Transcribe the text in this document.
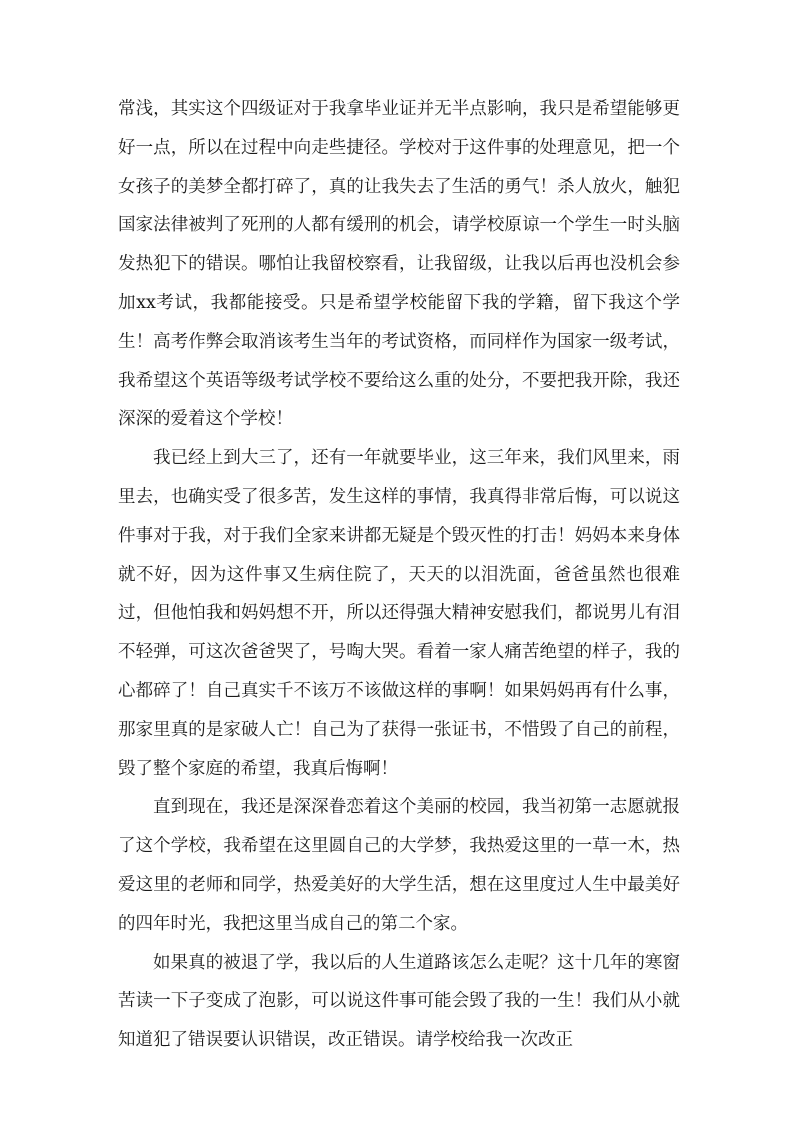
常浅，其实这个四级证对于我拿毕业证并无半点影响，我只是希望能够更好一点，所以在过程中向走些捷径。学校对于这件事的处理意见，把一个女孩子的美梦全都打碎了，真的让我失去了生活的勇气！杀人放火，触犯国家法律被判了死刑的人都有缓刑的机会，请学校原谅一个学生一时头脑发热犯下的错误。哪怕让我留校察看，让我留级，让我以后再也没机会参加xx考试，我都能接受。只是希望学校能留下我的学籍，留下我这个学生！高考作弊会取消该考生当年的考试资格，而同样作为国家一级考试，我希望这个英语等级考试学校不要给这么重的处分，不要把我开除，我还深深的爱着这个学校！

我已经上到大三了，还有一年就要毕业，这三年来，我们风里来，雨里去，也确实受了很多苦，发生这样的事情，我真得非常后悔，可以说这件事对于我，对于我们全家来讲都无疑是个毁灭性的打击！妈妈本来身体就不好，因为这件事又生病住院了，天天的以泪洗面，爸爸虽然也很难过，但他怕我和妈妈想不开，所以还得强大精神安慰我们，都说男儿有泪不轻弹，可这次爸爸哭了，号啕大哭。看着一家人痛苦绝望的样子，我的心都碎了！自己真实千不该万不该做这样的事啊！如果妈妈再有什么事，那家里真的是家破人亡！自己为了获得一张证书，不惜毁了自己的前程，毁了整个家庭的希望，我真后悔啊！

直到现在，我还是深深眷恋着这个美丽的校园，我当初第一志愿就报了这个学校，我希望在这里圆自己的大学梦，我热爱这里的一草一木，热爱这里的老师和同学，热爱美好的大学生活，想在这里度过人生中最美好的四年时光，我把这里当成自己的第二个家。

如果真的被退了学，我以后的人生道路该怎么走呢？这十几年的寒窗苦读一下子变成了泡影，可以说这件事可能会毁了我的一生！我们从小就知道犯了错误要认识错误，改正错误。请学校给我一次改正
